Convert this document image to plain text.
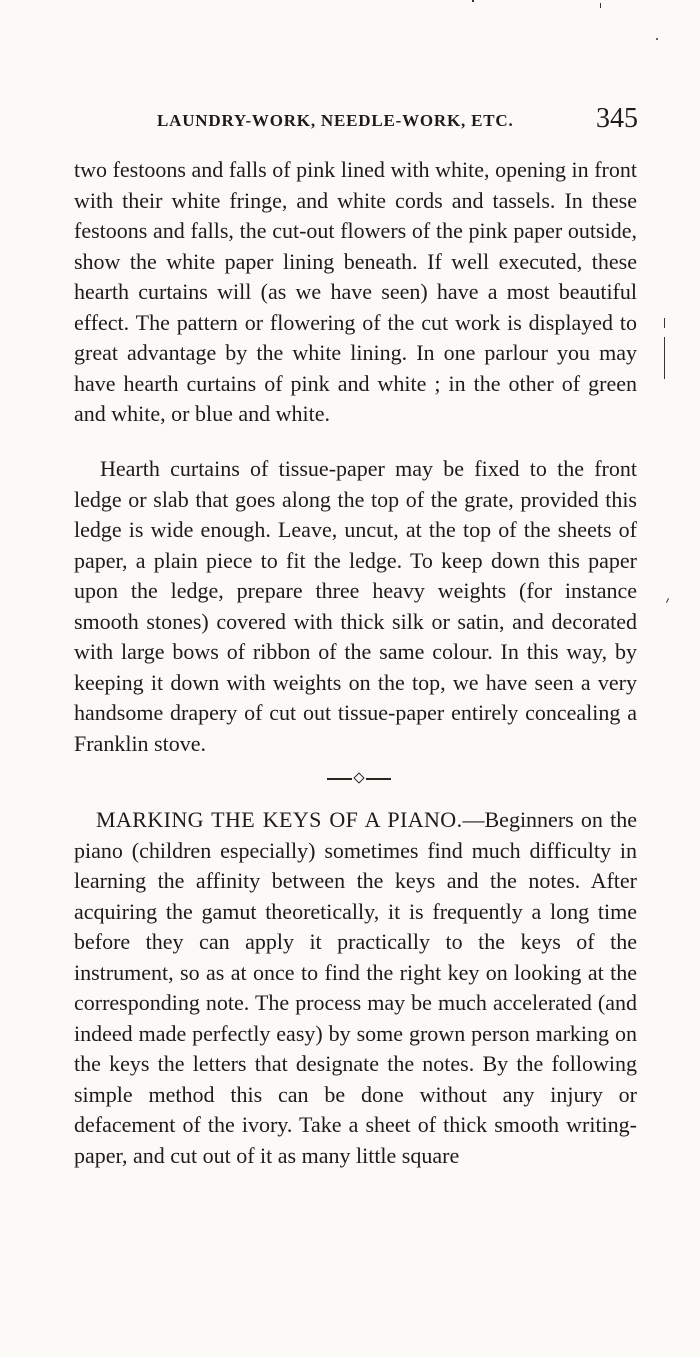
LAUNDRY-WORK, NEEDLE-WORK, ETC.	345

two festoons and falls of pink lined with white, opening in front with their white fringe, and white cords and tassels. In these festoons and falls, the cut-out flowers of the pink paper outside, show the white paper lining beneath. If well executed, these hearth curtains will (as we have seen) have a most beautiful effect. The pattern or flowering of the cut work is displayed to great advantage by the white lining. In one parlour you may have hearth curtains of pink and white ; in the other of green and white, or blue and white.

Hearth curtains of tissue-paper may be fixed to the front ledge or slab that goes along the top of the grate, provided this ledge is wide enough. Leave, uncut, at the top of the sheets of paper, a plain piece to fit the ledge. To keep down this paper upon the ledge, prepare three heavy weights (for instance smooth stones) covered with thick silk or satin, and decorated with large bows of ribbon of the same colour. In this way, by keeping it down with weights on the top, we have seen a very handsome drapery of cut out tissue-paper entirely concealing a Franklin stove.

MARKING THE KEYS OF A PIANO.—Beginners on the piano (children especially) sometimes find much difficulty in learning the affinity between the keys and the notes. After acquiring the gamut theoretically, it is frequently a long time before they can apply it practically to the keys of the instrument, so as at once to find the right key on looking at the corresponding note. The process may be much accelerated (and indeed made perfectly easy) by some grown person marking on the keys the letters that designate the notes. By the following simple method this can be done without any injury or defacement of the ivory. Take a sheet of thick smooth writing-paper, and cut out of it as many little square
